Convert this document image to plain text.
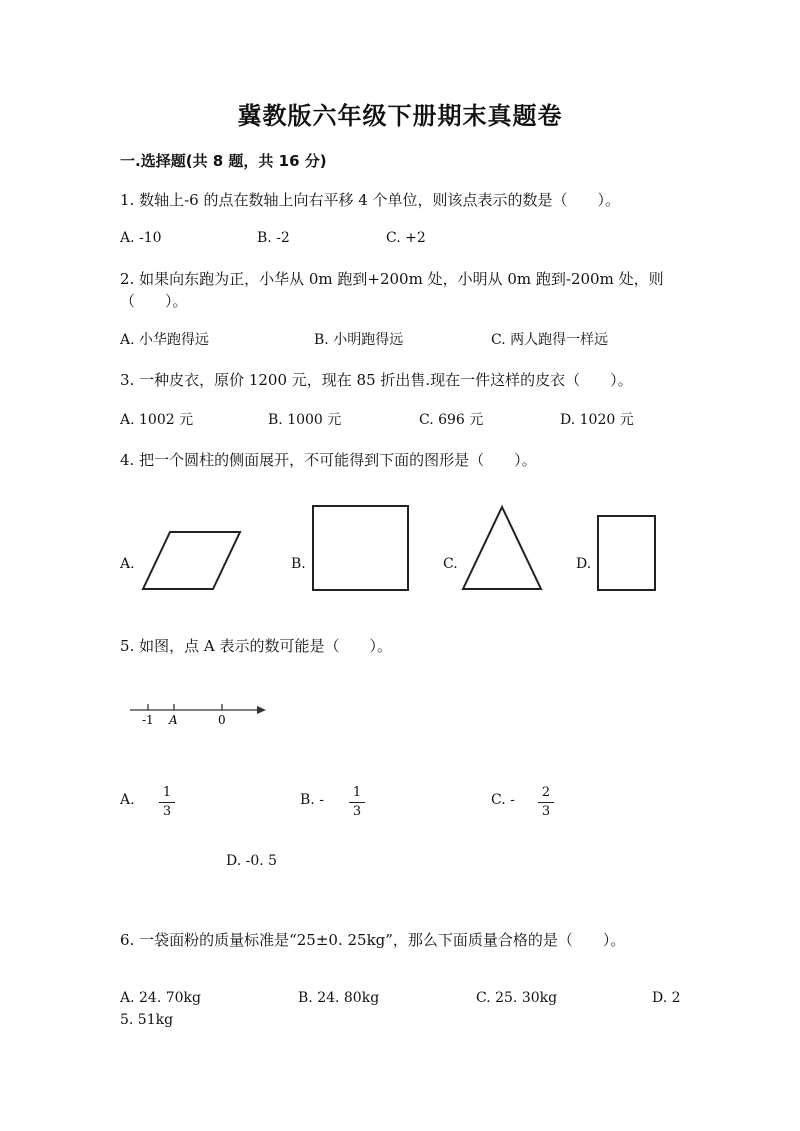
冀教版六年级下册期末真题卷
一.选择题(共 8 题，共 16 分)
1. 数轴上-6 的点在数轴上向右平移 4 个单位，则该点表示的数是（　　）。
A. -10	B. -2	C. +2
2. 如果向东跑为正，小华从 0m 跑到+200m 处，小明从 0m 跑到-200m 处，则
（　　）。
A. 小华跑得远	B. 小明跑得远	C. 两人跑得一样远
3. 一种皮衣，原价 1200 元，现在 85 折出售.现在一件这样的皮衣（　　）。
A. 1002 元	B. 1000 元	C. 696 元	D. 1020 元
4. 把一个圆柱的侧面展开，不可能得到下面的图形是（　　）。
A.	B.	C.	D.
5. 如图，点 A 表示的数可能是（　　）。
-1 A	0
A. 1
3
B. - 1
3
C. - 2
3
D. -0. 5
6. 一袋面粉的质量标准是“25±0. 25kg”，那么下面质量合格的是（　　）。
A. 24. 70kg	B. 24. 80kg	C. 25. 30kg	D. 2
5. 51kg
